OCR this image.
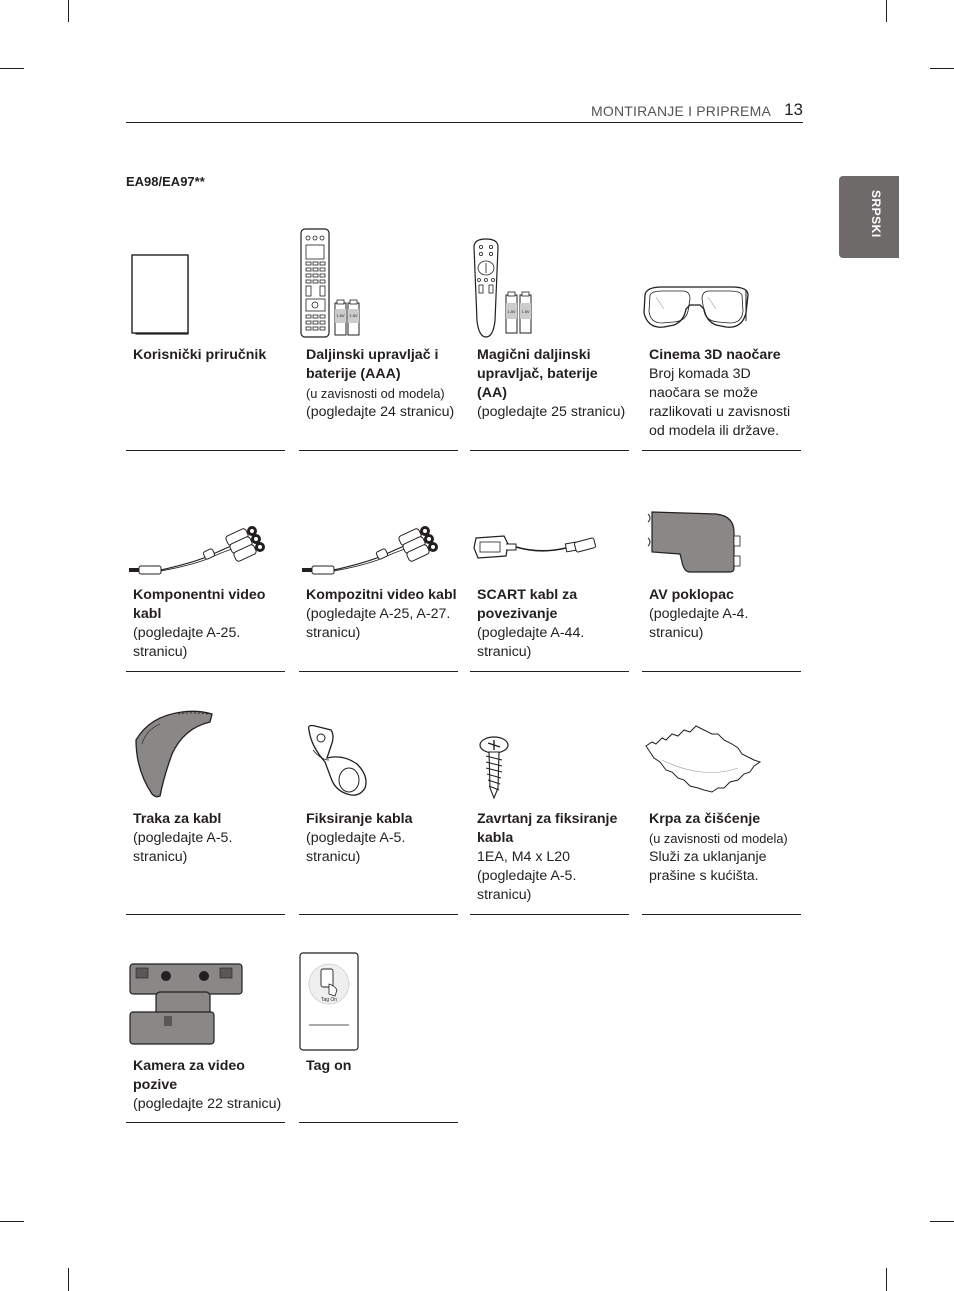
MONTIRANJE I PRIPREMA 13
SRPSKI
EA98/EA97**
Korisnički priručnik
1.5V 1.5V
Daljinski upravljač i baterije (AAA)
(u zavisnosti od modela)
(pogledajte 24 stranicu)
1.5V 1.5V
Magični daljinski upravljač, baterije (AA)
(pogledajte 25 stranicu)
Cinema 3D naočare
Broj komada 3D naočara se može razlikovati u zavisnosti od modela ili države.
Komponentni video kabl
(pogledajte A-25. stranicu)
Kompozitni video kabl
(pogledajte A-25, A-27. stranicu)
SCART kabl za povezivanje
(pogledajte A-44. stranicu)
AV poklopac
(pogledajte A-4. stranicu)
Traka za kabl
(pogledajte A-5. stranicu)
Fiksiranje kabla
(pogledajte A-5. stranicu)
Zavrtanj za fiksiranje kabla
1EA, M4 x L20 (pogledajte A-5. stranicu)
Krpa za čišćenje
(u zavisnosti od modela)
Služi za uklanjanje prašine s kućišta.
Kamera za video pozive
(pogledajte 22 stranicu)
Tag On
Tag on
